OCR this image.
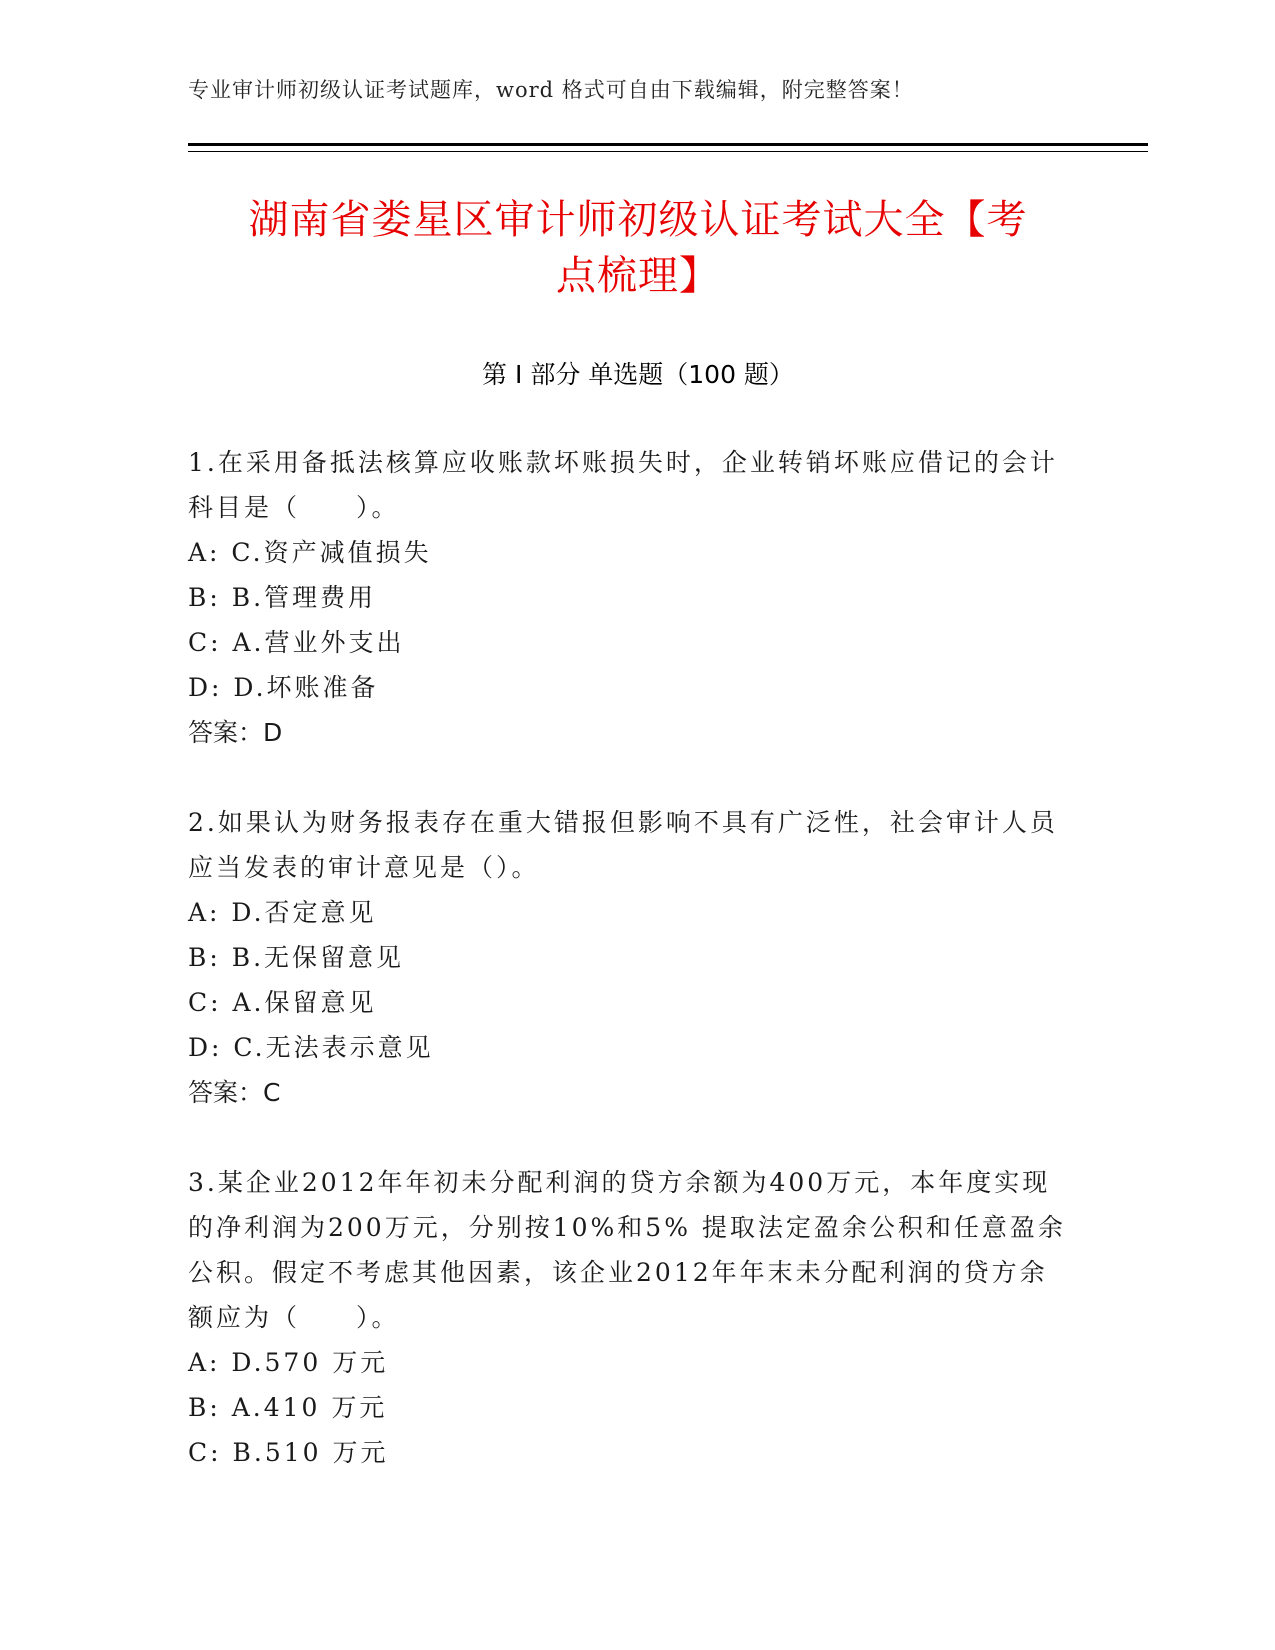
专业审计师初级认证考试题库，word 格式可自由下载编辑，附完整答案！
湖南省娄星区审计师初级认证考试大全【考
点梳理】
第 I 部分 单选题（100 题）

1.在采用备抵法核算应收账款坏账损失时，企业转销坏账应借记的会计科目是（　　）。

A: C.资产减值损失

B: B.管理费用

C: A.营业外支出

D: D.坏账准备

答案：D

2.如果认为财务报表存在重大错报但影响不具有广泛性，社会审计人员应当发表的审计意见是（）。

A: D.否定意见

B: B.无保留意见

C: A.保留意见

D: C.无法表示意见

答案：C

3.某企业2012年年初未分配利润的贷方余额为400万元，本年度实现的净利润为200万元，分别按10%和5% 提取法定盈余公积和任意盈余公积。假定不考虑其他因素，该企业2012年年末未分配利润的贷方余额应为（　　）。

A: D.570 万元

B: A.410 万元

C: B.510 万元
